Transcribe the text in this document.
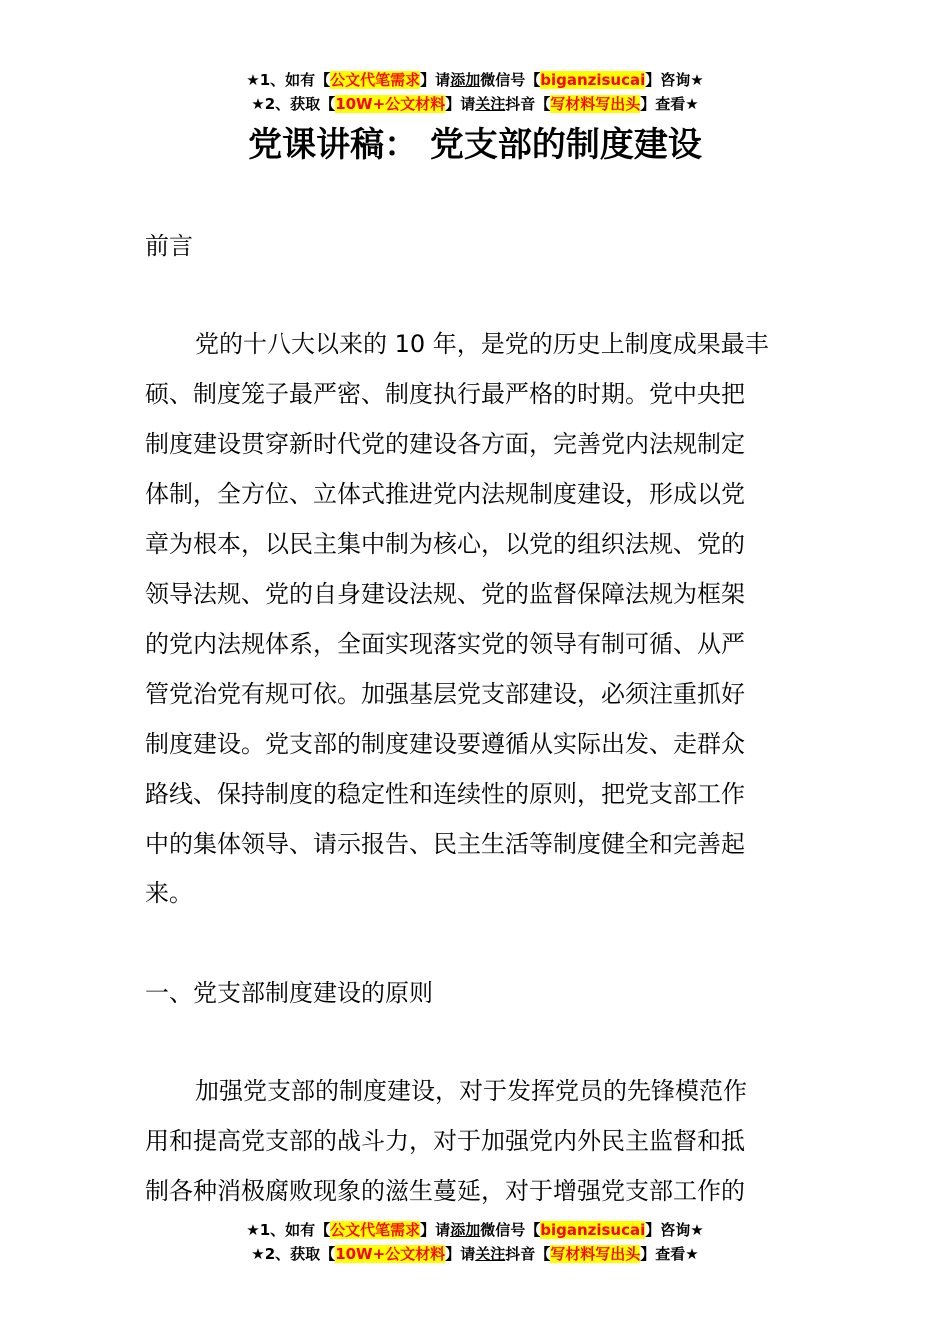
★1、如有【公文代笔需求】请添加微信号【biganzisucai】咨询★
★2、获取【10W+公文材料】请关注抖音【写材料写出头】查看★
党课讲稿： 党支部的制度建设
前言
党的十八大以来的 10 年，是党的历史上制度成果最丰
硕、制度笼子最严密、制度执行最严格的时期。党中央把
制度建设贯穿新时代党的建设各方面，完善党内法规制定
体制，全方位、立体式推进党内法规制度建设，形成以党
章为根本，以民主集中制为核心，以党的组织法规、党的
领导法规、党的自身建设法规、党的监督保障法规为框架
的党内法规体系，全面实现落实党的领导有制可循、从严
管党治党有规可依。加强基层党支部建设，必须注重抓好
制度建设。党支部的制度建设要遵循从实际出发、走群众
路线、保持制度的稳定性和连续性的原则，把党支部工作
中的集体领导、请示报告、民主生活等制度健全和完善起
来。
一、党支部制度建设的原则
加强党支部的制度建设，对于发挥党员的先锋模范作
用和提高党支部的战斗力，对于加强党内外民主监督和抵
制各种消极腐败现象的滋生蔓延，对于增强党支部工作的
★1、如有【公文代笔需求】请添加微信号【biganzisucai】咨询★
★2、获取【10W+公文材料】请关注抖音【写材料写出头】查看★
